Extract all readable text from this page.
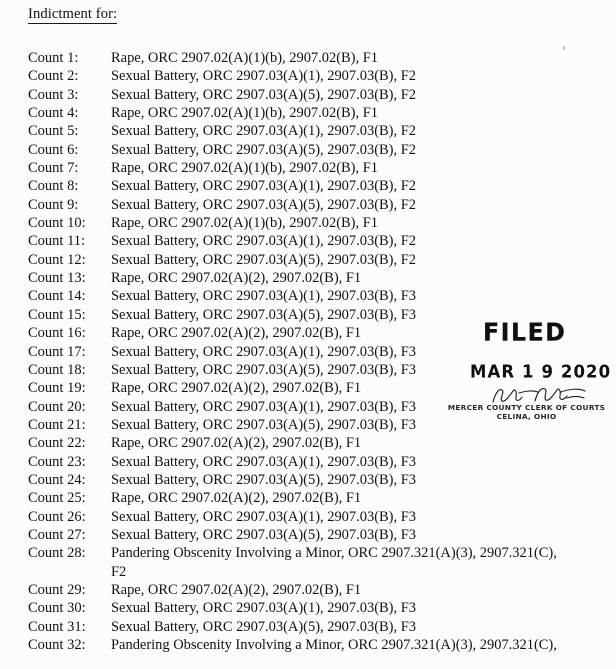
Indictment for:
Count 1:	Rape, ORC 2907.02(A)(1)(b), 2907.02(B), F1
Count 2:	Sexual Battery, ORC 2907.03(A)(1), 2907.03(B), F2
Count 3:	Sexual Battery, ORC 2907.03(A)(5), 2907.03(B), F2
Count 4:	Rape, ORC 2907.02(A)(1)(b), 2907.02(B), F1
Count 5:	Sexual Battery, ORC 2907.03(A)(1), 2907.03(B), F2
Count 6:	Sexual Battery, ORC 2907.03(A)(5), 2907.03(B), F2
Count 7:	Rape, ORC 2907.02(A)(1)(b), 2907.02(B), F1
Count 8:	Sexual Battery, ORC 2907.03(A)(1), 2907.03(B), F2
Count 9:	Sexual Battery, ORC 2907.03(A)(5), 2907.03(B), F2
Count 10:	Rape, ORC 2907.02(A)(1)(b), 2907.02(B), F1
Count 11:	Sexual Battery, ORC 2907.03(A)(1), 2907.03(B), F2
Count 12:	Sexual Battery, ORC 2907.03(A)(5), 2907.03(B), F2
Count 13:	Rape, ORC 2907.02(A)(2), 2907.02(B), F1
Count 14:	Sexual Battery, ORC 2907.03(A)(1), 2907.03(B), F3
Count 15:	Sexual Battery, ORC 2907.03(A)(5), 2907.03(B), F3
Count 16:	Rape, ORC 2907.02(A)(2), 2907.02(B), F1
Count 17:	Sexual Battery, ORC 2907.03(A)(1), 2907.03(B), F3
Count 18:	Sexual Battery, ORC 2907.03(A)(5), 2907.03(B), F3
Count 19:	Rape, ORC 2907.02(A)(2), 2907.02(B), F1
Count 20:	Sexual Battery, ORC 2907.03(A)(1), 2907.03(B), F3
Count 21:	Sexual Battery, ORC 2907.03(A)(5), 2907.03(B), F3
Count 22:	Rape, ORC 2907.02(A)(2), 2907.02(B), F1
Count 23:	Sexual Battery, ORC 2907.03(A)(1), 2907.03(B), F3
Count 24:	Sexual Battery, ORC 2907.03(A)(5), 2907.03(B), F3
Count 25:	Rape, ORC 2907.02(A)(2), 2907.02(B), F1
Count 26:	Sexual Battery, ORC 2907.03(A)(1), 2907.03(B), F3
Count 27:	Sexual Battery, ORC 2907.03(A)(5), 2907.03(B), F3
Count 28: Pandering Obscenity Involving a Minor, ORC 2907.321(A)(3), 2907.321(C),
F2
Count 29:	Rape, ORC 2907.02(A)(2), 2907.02(B), F1
Count 30:	Sexual Battery, ORC 2907.03(A)(1), 2907.03(B), F3
Count 31:	Sexual Battery, ORC 2907.03(A)(5), 2907.03(B), F3
Count 32:	Pandering Obscenity Involving a Minor, ORC 2907.321(A)(3), 2907.321(C),
FILED
MAR 1 9 2020
MERCER COUNTY CLERK OF COURTS
CELINA, OHIO
